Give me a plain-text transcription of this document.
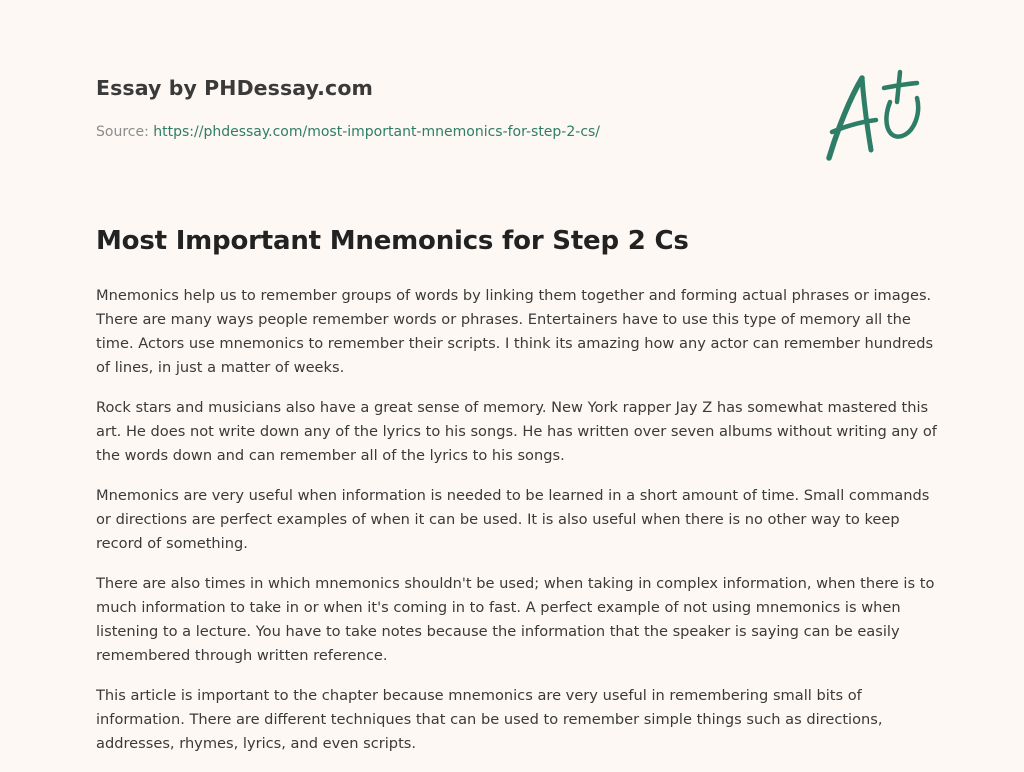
Essay by PHDessay.com
Source: https://phdessay.com/most-important-mnemonics-for-step-2-cs/
Most Important Mnemonics for Step 2 Cs

Mnemonics help us to remember groups of words by linking them together and forming actual phrases or images. There are many ways people remember words or phrases. Entertainers have to use this type of memory all the time. Actors use mnemonics to remember their scripts. I think its amazing how any actor can remember hundreds of lines, in just a matter of weeks.

Rock stars and musicians also have a great sense of memory. New York rapper Jay Z has somewhat mastered this art. He does not write down any of the lyrics to his songs. He has written over seven albums without writing any of the words down and can remember all of the lyrics to his songs.

Mnemonics are very useful when information is needed to be learned in a short amount of time. Small commands or directions are perfect examples of when it can be used. It is also useful when there is no other way to keep record of something.

There are also times in which mnemonics shouldn't be used; when taking in complex information, when there is to much information to take in or when it's coming in to fast. A perfect example of not using mnemonics is when listening to a lecture. You have to take notes because the information that the speaker is saying can be easily remembered through written reference.

This article is important to the chapter because mnemonics are very useful in remembering small bits of information. There are different techniques that can be used to remember simple things such as directions, addresses, rhymes, lyrics, and even scripts.
